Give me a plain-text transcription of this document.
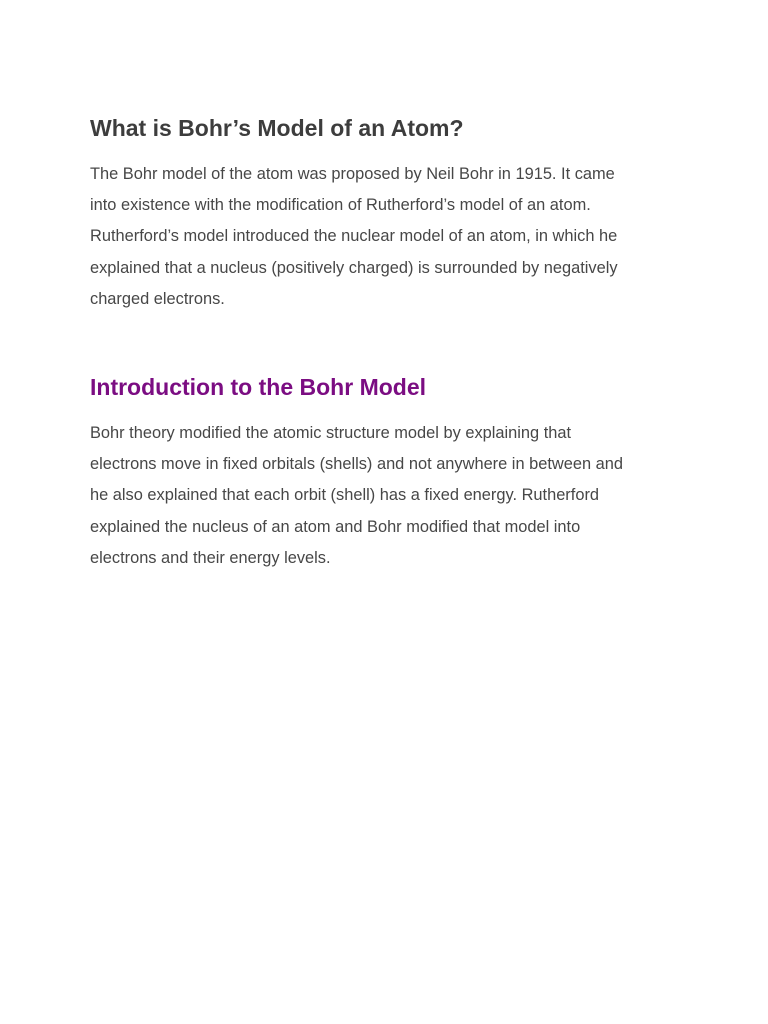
What is Bohr’s Model of an Atom?

The Bohr model of the atom was proposed by Neil Bohr in 1915. It came
into existence with the modification of Rutherford’s model of an atom.
Rutherford’s model introduced the nuclear model of an atom, in which he
explained that a nucleus (positively charged) is surrounded by negatively
charged electrons.

Introduction to the Bohr Model

Bohr theory modified the atomic structure model by explaining that
electrons move in fixed orbitals (shells) and not anywhere in between and
he also explained that each orbit (shell) has a fixed energy. Rutherford
explained the nucleus of an atom and Bohr modified that model into
electrons and their energy levels.
